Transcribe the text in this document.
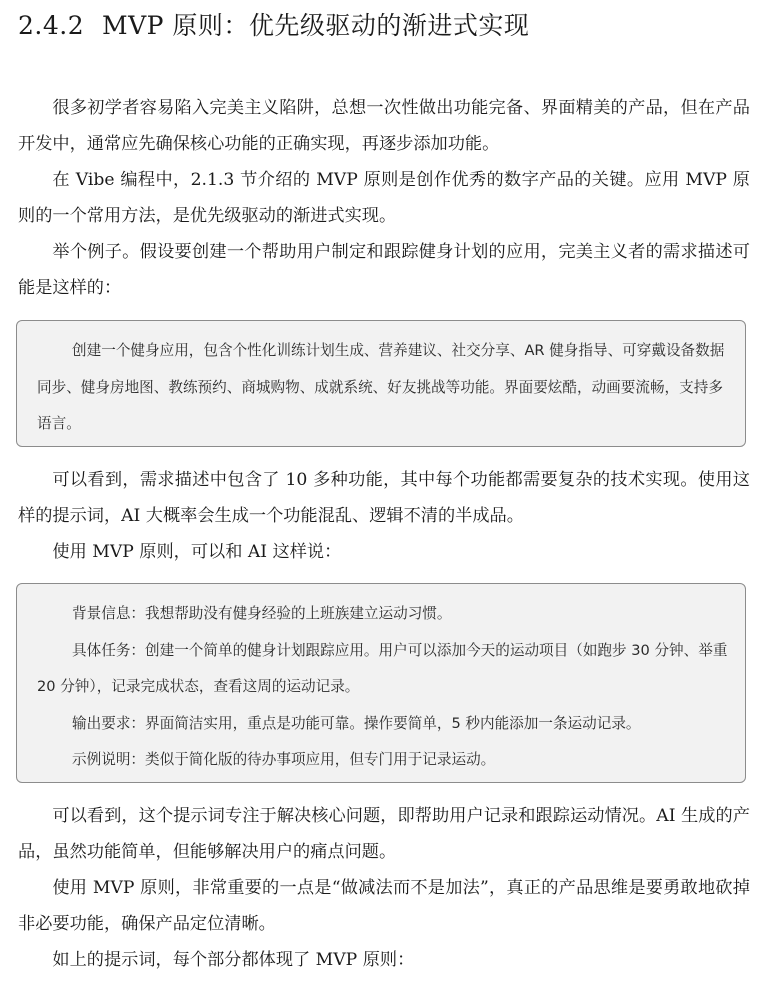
2.4.2 MVP 原则：优先级驱动的渐进式实现

很多初学者容易陷入完美主义陷阱，总想一次性做出功能完备、界面精美的产品，但在产品开发中，通常应先确保核心功能的正确实现，再逐步添加功能。

在 Vibe 编程中，2.1.3 节介绍的 MVP 原则是创作优秀的数字产品的关键。应用 MVP 原则的一个常用方法，是优先级驱动的渐进式实现。

举个例子。假设要创建一个帮助用户制定和跟踪健身计划的应用，完美主义者的需求描述可能是这样的：

创建一个健身应用，包含个性化训练计划生成、营养建议、社交分享、AR 健身指导、可穿戴设备数据同步、健身房地图、教练预约、商城购物、成就系统、好友挑战等功能。界面要炫酷，动画要流畅，支持多语言。

可以看到，需求描述中包含了 10 多种功能，其中每个功能都需要复杂的技术实现。使用这样的提示词，AI 大概率会生成一个功能混乱、逻辑不清的半成品。

使用 MVP 原则，可以和 AI 这样说：

背景信息：我想帮助没有健身经验的上班族建立运动习惯。

具体任务：创建一个简单的健身计划跟踪应用。用户可以添加今天的运动项目（如跑步 30 分钟、举重 20 分钟），记录完成状态，查看这周的运动记录。

输出要求：界面简洁实用，重点是功能可靠。操作要简单，5 秒内能添加一条运动记录。

示例说明：类似于简化版的待办事项应用，但专门用于记录运动。

可以看到，这个提示词专注于解决核心问题，即帮助用户记录和跟踪运动情况。AI 生成的产品，虽然功能简单，但能够解决用户的痛点问题。

使用 MVP 原则，非常重要的一点是“做减法而不是加法”，真正的产品思维是要勇敢地砍掉非必要功能，确保产品定位清晰。

如上的提示词，每个部分都体现了 MVP 原则：
